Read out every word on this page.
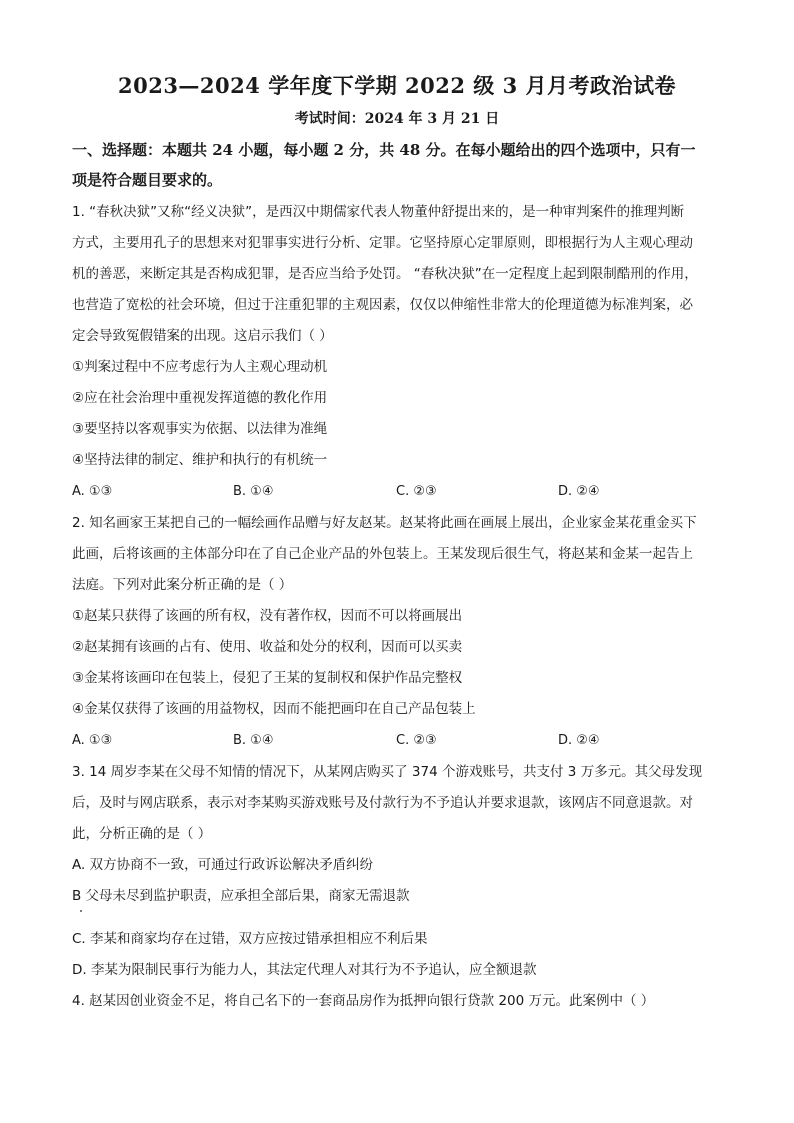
2023—2024 学年度下学期 2022 级 3 月月考政治试卷
考试时间：2024 年 3 月 21 日
一、选择题：本题共 24 小题，每小题 2 分，共 48 分。在每小题给出的四个选项中，只有一
项是符合题目要求的。
1. “春秋决狱”又称“经义决狱”，是西汉中期儒家代表人物董仲舒提出来的，是一种审判案件的推理判断
方式，主要用孔子的思想来对犯罪事实进行分析、定罪。它坚持原心定罪原则，即根据行为人主观心理动
机的善恶，来断定其是否构成犯罪，是否应当给予处罚。 “春秋决狱”在一定程度上起到限制酷刑的作用，
也营造了宽松的社会环境，但过于注重犯罪的主观因素，仅仅以伸缩性非常大的伦理道德为标准判案，必
定会导致冤假错案的出现。这启示我们（ ）
①判案过程中不应考虑行为人主观心理动机
②应在社会治理中重视发挥道德的教化作用
③要坚持以客观事实为依据、以法律为准绳
④坚持法律的制定、维护和执行的有机统一
A. ①③	B. ①④	C. ②③	D. ②④
2. 知名画家王某把自己的一幅绘画作品赠与好友赵某。赵某将此画在画展上展出，企业家金某花重金买下
此画，后将该画的主体部分印在了自己企业产品的外包装上。王某发现后很生气，将赵某和金某一起告上
法庭。下列对此案分析正确的是（ ）
①赵某只获得了该画的所有权，没有著作权，因而不可以将画展出
②赵某拥有该画的占有、使用、收益和处分的权利，因而可以买卖
③金某将该画印在包装上，侵犯了王某的复制权和保护作品完整权
④金某仅获得了该画的用益物权，因而不能把画印在自己产品包装上
A. ①③	B. ①④	C. ②③	D. ②④
3. 14 周岁李某在父母不知情的情况下，从某网店购买了 374 个游戏账号，共支付 3 万多元。其父母发现
后，及时与网店联系，表示对李某购买游戏账号及付款行为不予追认并要求退款，该网店不同意退款。对
此，分析正确的是（ ）
A. 双方协商不一致，可通过行政诉讼解决矛盾纠纷
B 父母未尽到监护职责，应承担全部后果，商家无需退款
C. 李某和商家均存在过错，双方应按过错承担相应不利后果
D. 李某为限制民事行为能力人，其法定代理人对其行为不予追认，应全额退款
4. 赵某因创业资金不足，将自己名下的一套商品房作为抵押向银行贷款 200 万元。此案例中（ ）
